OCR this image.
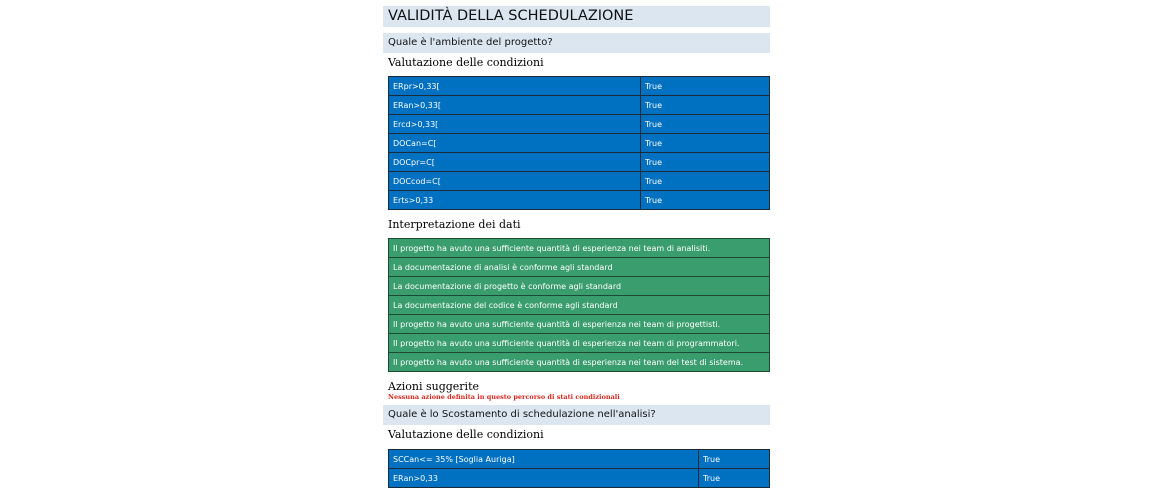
VALIDITÀ DELLA SCHEDULAZIONE
Quale è l'ambiente del progetto?
Valutazione delle condizioni
ERpr>0,33[	True
ERan>0,33[	True
Ercd>0,33[	True
DOCan=C[	True
DOCpr=C[	True
DOCcod=C[	True
Erts>0,33	True
Interpretazione dei dati
Il progetto ha avuto una sufficiente quantità di esperienza nei team di analisiti.
La documentazione di analisi è conforme agli standard
La documentazione di progetto è conforme agli standard
La documentazione del codice è conforme agli standard
Il progetto ha avuto una sufficiente quantità di esperienza nei team di progettisti.
Il progetto ha avuto una sufficiente quantità di esperienza nei team di programmatori.
Il progetto ha avuto una sufficiente quantità di esperienza nei team del test di sistema.
Azioni suggerite
Nessuna azione definita in questo percorso di stati condizionali
Quale è lo Scostamento di schedulazione nell'analisi?
Valutazione delle condizioni
SCCan<= 35% [Soglia Auriga]	True
ERan>0,33	True
